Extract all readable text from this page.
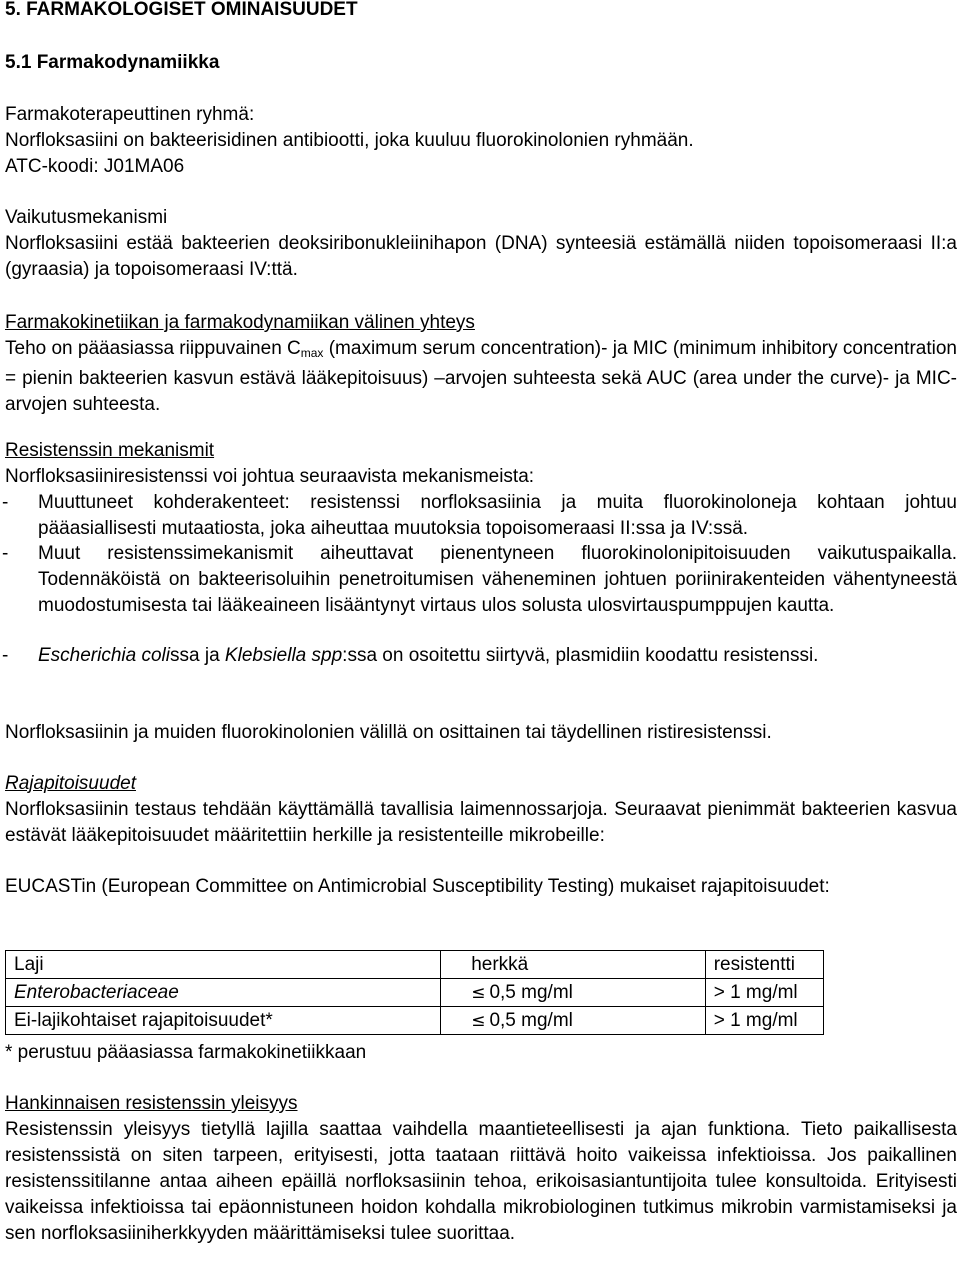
5. FARMAKOLOGISET OMINAISUUDET

5.1 Farmakodynamiikka

Farmakoterapeuttinen ryhmä:

Norfloksasiini on bakteerisidinen antibiootti, joka kuuluu fluorokinolonien ryhmään.

ATC-koodi: J01MA06

Vaikutusmekanismi

Norfloksasiini estää bakteerien deoksiribonukleiinihapon (DNA) synteesiä estämällä niiden topoisomeraasi II:a (gyraasia) ja topoisomeraasi IV:ttä.

Farmakokinetiikan ja farmakodynamiikan välinen yhteys

Teho on pääasiassa riippuvainen $C_{max}$ (maximum serum concentration)- ja MIC (minimum inhibitory concentration = pienin bakteerien kasvun estävä lääkepitoisuus) –arvojen suhteesta sekä AUC (area under the curve)- ja MIC-arvojen suhteesta.

Resistenssin mekanismit

Norfloksasiiniresistenssi voi johtua seuraavista mekanismeista:

- Muuttuneet kohderakenteet: resistenssi norfloksasiinia ja muita fluorokinoloneja kohtaan johtuu pääasiallisesti mutaatiosta, joka aiheuttaa muutoksia topoisomeraasi II:ssa ja IV:ssä.

- Muut resistenssimekanismit aiheuttavat pienentyneen fluorokinolonipitoisuuden vaikutuspaikalla. Todennäköistä on bakteerisoluihin penetroitumisen väheneminen johtuen poriinirakenteiden vähentyneestä muodostumisesta tai lääkeaineen lisääntynyt virtaus ulos solusta ulosvirtauspumppujen kautta.

- Escherichia colissa ja Klebsiella spp:ssa on osoitettu siirtyvä, plasmidiin koodattu resistenssi.

Norfloksasiinin ja muiden fluorokinolonien välillä on osittainen tai täydellinen ristiresistenssi.

Rajapitoisuudet

Norfloksasiinin testaus tehdään käyttämällä tavallisia laimennossarjoja. Seuraavat pienimmät bakteerien kasvua estävät lääkepitoisuudet määritettiin herkille ja resistenteille mikrobeille:

EUCASTin (European Committee on Antimicrobial Susceptibility Testing) mukaiset rajapitoisuudet:

Laji	herkkä	resistentti
Enterobacteriaceae	≤ 0,5 mg/ml	> 1 mg/ml
Ei-lajikohtaiset rajapitoisuudet*	≤ 0,5 mg/ml	> 1 mg/ml

* perustuu pääasiassa farmakokinetiikkaan

Hankinnaisen resistenssin yleisyys

Resistenssin yleisyys tietyllä lajilla saattaa vaihdella maantieteellisesti ja ajan funktiona. Tieto paikallisesta resistenssistä on siten tarpeen, erityisesti, jotta taataan riittävä hoito vaikeissa infektioissa. Jos paikallinen resistenssitilanne antaa aiheen epäillä norfloksasiinin tehoa, erikoisasiantuntijoita tulee konsultoida. Erityisesti vaikeissa infektioissa tai epäonnistuneen hoidon kohdalla mikrobiologinen tutkimus mikrobin varmistamiseksi ja sen norfloksasiiniherkkyyden määrittämiseksi tulee suorittaa.
